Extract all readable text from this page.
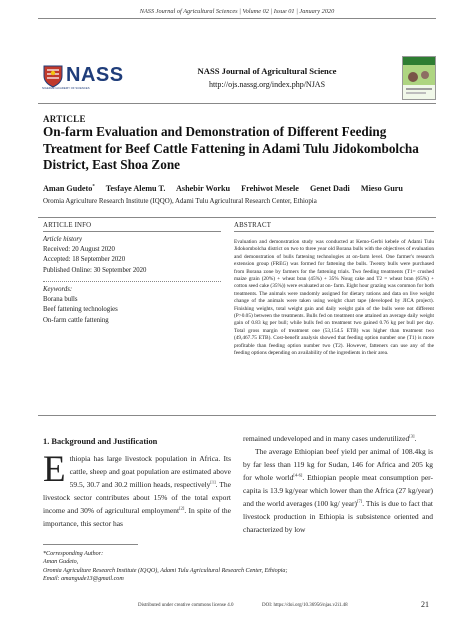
NASS Journal of Agricultural Sciences | Volume 02 | Issue 01 | January 2020
NASS
NIGERIAN ACADEMY OF SCIENCES
NASS Journal of Agricultural Science
http://ojs.nassg.org/index.php/NJAS
ARTICLE
On-farm Evaluation and Demonstration of Different Feeding Treatment for Beef Cattle Fattening in Adami Tulu Jidokombolcha District, East Shoa Zone
Aman Gudeto* Tesfaye Alemu T. Ashebir Worku Frehiwot Mesele Genet Dadi Mieso Guru
Oromia Agriculture Research Institute (IQQO), Adami Tulu Agricultural Research Center, Ethiopia
ARTICLE INFO
Article history
Received: 20 August 2020
Accepted: 18 September 2020
Published Online: 30 September 2020
Keywords:
Borana bulls
Beef fattening technologies
On-farm cattle fattening
ABSTRACT
Evaluation and demonstration study was conducted at Kemo-Gerbi kebele of Adami Tulu Jidokombolcha district on two to three year old Borana bulls with the objectives of evaluation and demonstration of bulls fattening technologies at on-farm level. One farmer's research extension group (FREG) was formed for fattening the bulls. Twenty bulls were purchased from Borana zone by farmers for the fattening trials. Two feeding treatments (T1= crushed maize grain (20%) + wheat bran (45%) + 35% Noug cake and T2 = wheat bran (65%) + cotton seed cake (35%)) were evaluated at on- farm. Eight hour grazing was common for both treatments. The animals were randomly assigned for dietary rations and data on live weight change of the animals were taken using weight chart tape (developed by JICA project). Finishing weights, total weight gain and daily weight gain of the bulls were not different (P>0.05) between the treatments. Bulls fed on treatment one attained an average daily weight gain of 0.83 kg per bull; while bulls fed on treatment two gained 0.76 kg per bull per day. Total gross margin of treatment one (53,154.5 ETB) was higher than treatment two (49,467.75 ETB). Cost-benefit analysis showed that feeding option number one (T1) is more profitable than feeding option number two (T2). However, fatteners can use any of the feeding options depending on availability of the ingredients in their area.
1. Background and Justification
Ethiopia has large livestock population in Africa. Its cattle, sheep and goat population are estimated above 59.5, 30.7 and 30.2 million heads, respectively[1]. The livestock sector contributes about 15% of the total export income and 30% of agricultural employment[2]. In spite of the importance, this sector has
remained undeveloped and in many cases underutilized[3].
The average Ethiopian beef yield per animal of 108.4kg is by far less than 119 kg for Sudan, 146 for Africa and 205 kg for whole world[4-6]. Ethiopian people meat consumption per-capita is 13.9 kg/year which lower than the Africa (27 kg/year) and the world averages (100 kg/ year)[7]. This is due to fact that livestock production in Ethiopia is subsistence oriented and characterized by low
*Corresponding Author:
Aman Gudeto,
Oromia Agriculture Research Institute (IQQO), Adami Tulu Agricultural Research Center, Ethiopia;
Email: amangude13@gmail.com
Distributed under creative commons license 4.0	DOI: https://doi.org/10.36956/njas.v2i1.48	21
